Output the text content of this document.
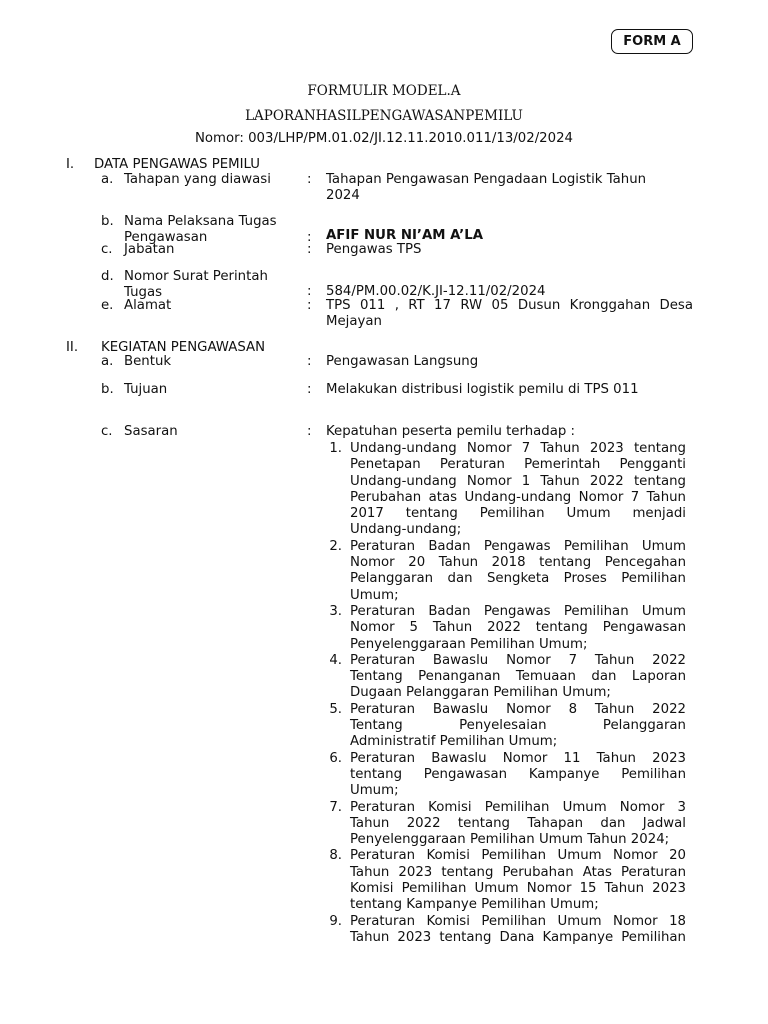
FORM A
FORMULIR MODEL.A
LAPORANHASILPENGAWASANPEMILU
Nomor: 003/LHP/PM.01.02/JI.12.11.2010.011/13/02/2024
I. DATA PENGAWAS PEMILU
a. Tahapan yang diawasi	: Tahapan Pengawasan Pengadaan Logistik Tahun
2024
b. Nama Pelaksana Tugas
Pengawasan	: AFIF NUR NI’AM A’LA
c. Jabatan	: Pengawas TPS
d. Nomor Surat Perintah
Tugas	: 584/PM.00.02/K.JI-12.11/02/2024
e. Alamat	: TPS 011 , RT 17 RW 05 Dusun Kronggahan Desa
Mejayan
II. KEGIATAN PENGAWASAN
a. Bentuk	: Pengawasan Langsung
b. Tujuan	: Melakukan distribusi logistik pemilu di TPS 011
c. Sasaran	: Kepatuhan peserta pemilu terhadap :
1. Undang-undang Nomor 7 Tahun 2023 tentang
Penetapan Peraturan Pemerintah Pengganti
Undang-undang Nomor 1 Tahun 2022 tentang
Perubahan atas Undang-undang Nomor 7 Tahun
2017 tentang Pemilihan Umum menjadi
Undang-undang;
2. Peraturan Badan Pengawas Pemilihan Umum
Nomor 20 Tahun 2018 tentang Pencegahan
Pelanggaran dan Sengketa Proses Pemilihan
Umum;
3. Peraturan Badan Pengawas Pemilihan Umum
Nomor 5 Tahun 2022 tentang Pengawasan
Penyelenggaraan Pemilihan Umum;
4. Peraturan Bawaslu Nomor 7 Tahun 2022
Tentang Penanganan Temuaan dan Laporan
Dugaan Pelanggaran Pemilihan Umum;
5. Peraturan Bawaslu Nomor 8 Tahun 2022
Tentang Penyelesaian Pelanggaran
Administratif Pemilihan Umum;
6. Peraturan Bawaslu Nomor 11 Tahun 2023
tentang Pengawasan Kampanye Pemilihan
Umum;
7. Peraturan Komisi Pemilihan Umum Nomor 3
Tahun 2022 tentang Tahapan dan Jadwal
Penyelenggaraan Pemilihan Umum Tahun 2024;
8. Peraturan Komisi Pemilihan Umum Nomor 20
Tahun 2023 tentang Perubahan Atas Peraturan
Komisi Pemilihan Umum Nomor 15 Tahun 2023
tentang Kampanye Pemilihan Umum;
9. Peraturan Komisi Pemilihan Umum Nomor 18
Tahun 2023 tentang Dana Kampanye Pemilihan
